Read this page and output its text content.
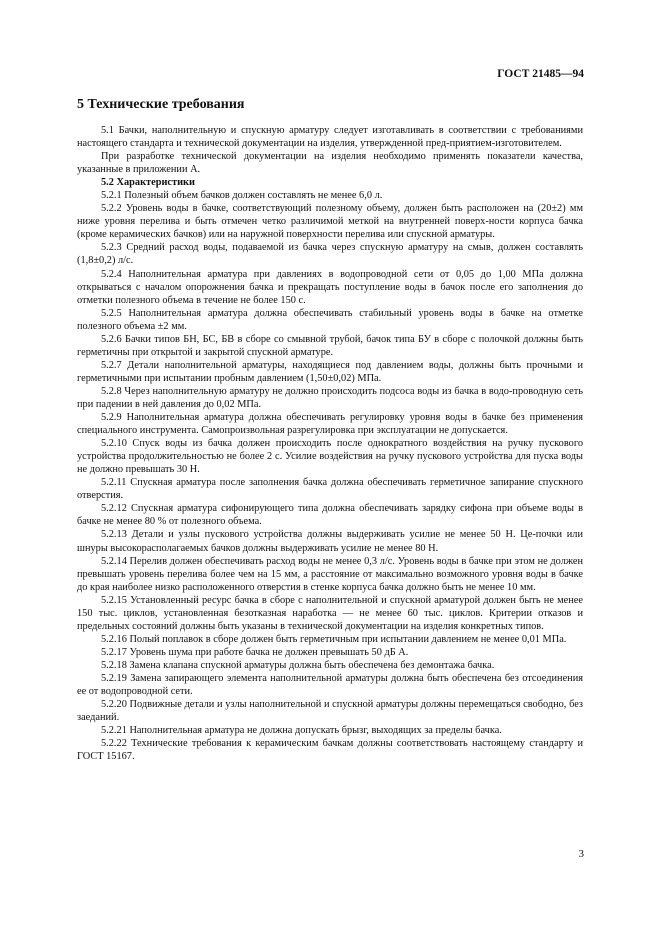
ГОСТ 21485—94
5 Технические требования

5.1 Бачки, наполнительную и спускную арматуру следует изготавливать в соответствии с требованиями настоящего стандарта и технической документации на изделия, утвержденной пред-приятием-изготовителем.

При разработке технической документации на изделия необходимо применять показатели качества, указанные в приложении А.

5.2 Характеристики

5.2.1 Полезный объем бачков должен составлять не менее 6,0 л.

5.2.2 Уровень воды в бачке, соответствующий полезному объему, должен быть расположен на (20±2) мм ниже уровня перелива и быть отмечен четко различимой меткой на внутренней поверх-ности корпуса бачка (кроме керамических бачков) или на наружной поверхности перелива или спускной арматуры.

5.2.3 Средний расход воды, подаваемой из бачка через спускную арматуру на смыв, должен составлять (1,8±0,2) л/с.

5.2.4 Наполнительная арматура при давлениях в водопроводной сети от 0,05 до 1,00 МПа должна открываться с началом опорожнения бачка и прекращать поступление воды в бачок после его заполнения до отметки полезного объема в течение не более 150 с.

5.2.5 Наполнительная арматура должна обеспечивать стабильный уровень воды в бачке на отметке полезного объема ±2 мм.

5.2.6 Бачки типов БН, БС, БВ в сборе со смывной трубой, бачок типа БУ в сборе с полочкой должны быть герметичны при открытой и закрытой спускной арматуре.

5.2.7 Детали наполнительной арматуры, находящиеся под давлением воды, должны быть прочными и герметичными при испытании пробным давлением (1,50±0,02) МПа.

5.2.8 Через наполнительную арматуру не должно происходить подсоса воды из бачка в водо-проводную сеть при падении в ней давления до 0,02 МПа.

5.2.9 Наполнительная арматура должна обеспечивать регулировку уровня воды в бачке без применения специального инструмента. Самопроизвольная разрегулировка при эксплуатации не допускается.

5.2.10 Спуск воды из бачка должен происходить после однократного воздействия на ручку пускового устройства продолжительностью не более 2 с. Усилие воздействия на ручку пускового устройства для пуска воды не должно превышать 30 Н.

5.2.11 Спускная арматура после заполнения бачка должна обеспечивать герметичное запирание спускного отверстия.

5.2.12 Спускная арматура сифонирующего типа должна обеспечивать зарядку сифона при объеме воды в бачке не менее 80 % от полезного объема.

5.2.13 Детали и узлы пускового устройства должны выдерживать усилие не менее 50 Н. Це-почки или шнуры высокорасполагаемых бачков должны выдерживать усилие не менее 80 Н.

5.2.14 Перелив должен обеспечивать расход воды не менее 0,3 л/с. Уровень воды в бачке при этом не должен превышать уровень перелива более чем на 15 мм, а расстояние от максимально возможного уровня воды в бачке до края наиболее низко расположенного отверстия в стенке корпуса бачка должно быть не менее 10 мм.

5.2.15 Установленный ресурс бачка в сборе с наполнительной и спускной арматурой должен быть не менее 150 тыс. циклов, установленная безотказная наработка — не менее 60 тыс. циклов. Критерии отказов и предельных состояний должны быть указаны в технической документации на изделия конкретных типов.

5.2.16 Полый поплавок в сборе должен быть герметичным при испытании давлением не менее 0,01 МПа.

5.2.17 Уровень шума при работе бачка не должен превышать 50 дБ A.

5.2.18 Замена клапана спускной арматуры должна быть обеспечена без демонтажа бачка.

5.2.19 Замена запирающего элемента наполнительной арматуры должна быть обеспечена без отсоединения ее от водопроводной сети.

5.2.20 Подвижные детали и узлы наполнительной и спускной арматуры должны перемещаться свободно, без заеданий.

5.2.21 Наполнительная арматура не должна допускать брызг, выходящих за пределы бачка.

5.2.22 Технические требования к керамическим бачкам должны соответствовать настоящему стандарту и ГОСТ 15167.

3
